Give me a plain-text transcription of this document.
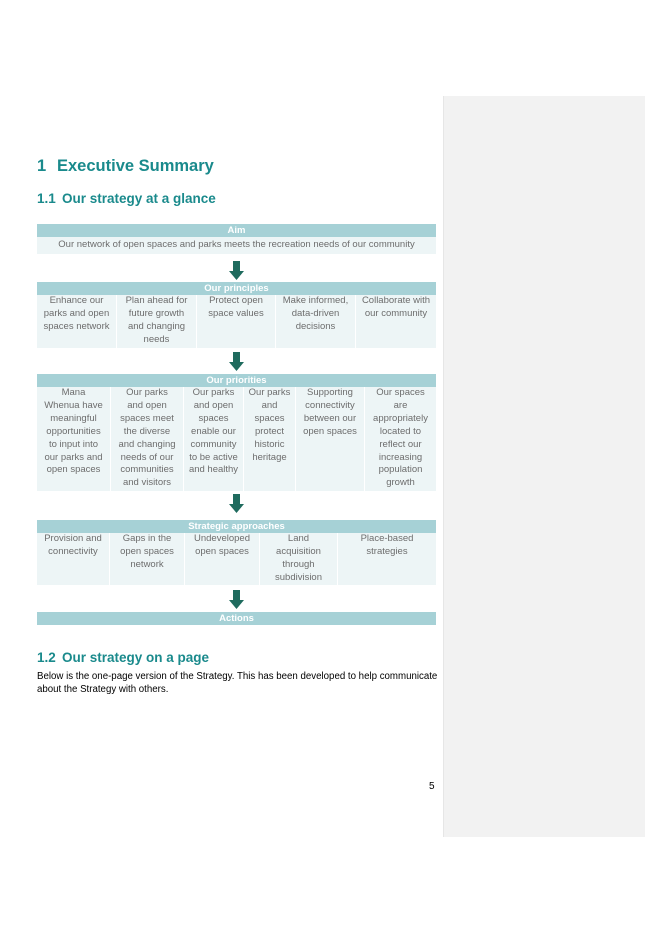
1 Executive Summary
1.1 Our strategy at a glance
Aim
Our network of open spaces and parks meets the recreation needs of our community
Our principles
Enhance our
parks and open
spaces network
Plan ahead for
future growth
and changing
needs
Protect open
space values
Make informed,
data-driven
decisions
Collaborate with
our community
Our priorities
Mana
Whenua have
meaningful
opportunities
to input into
our parks and
open spaces
Our parks
and open
spaces meet
the diverse
and changing
needs of our
communities
and visitors
Our parks
and open
spaces
enable our
community
to be active
and healthy
Our parks
and
spaces
protect
historic
heritage
Supporting
connectivity
between our
open spaces
Our spaces
are
appropriately
located to
reflect our
increasing
population
growth
Strategic approaches
Provision and
connectivity
Gaps in the
open spaces
network
Undeveloped
open spaces
Land
acquisition
through
subdivision
Place-based
strategies
Actions
1.2 Our strategy on a page
Below is the one-page version of the Strategy. This has been developed to help communicate
about the Strategy with others.
5
